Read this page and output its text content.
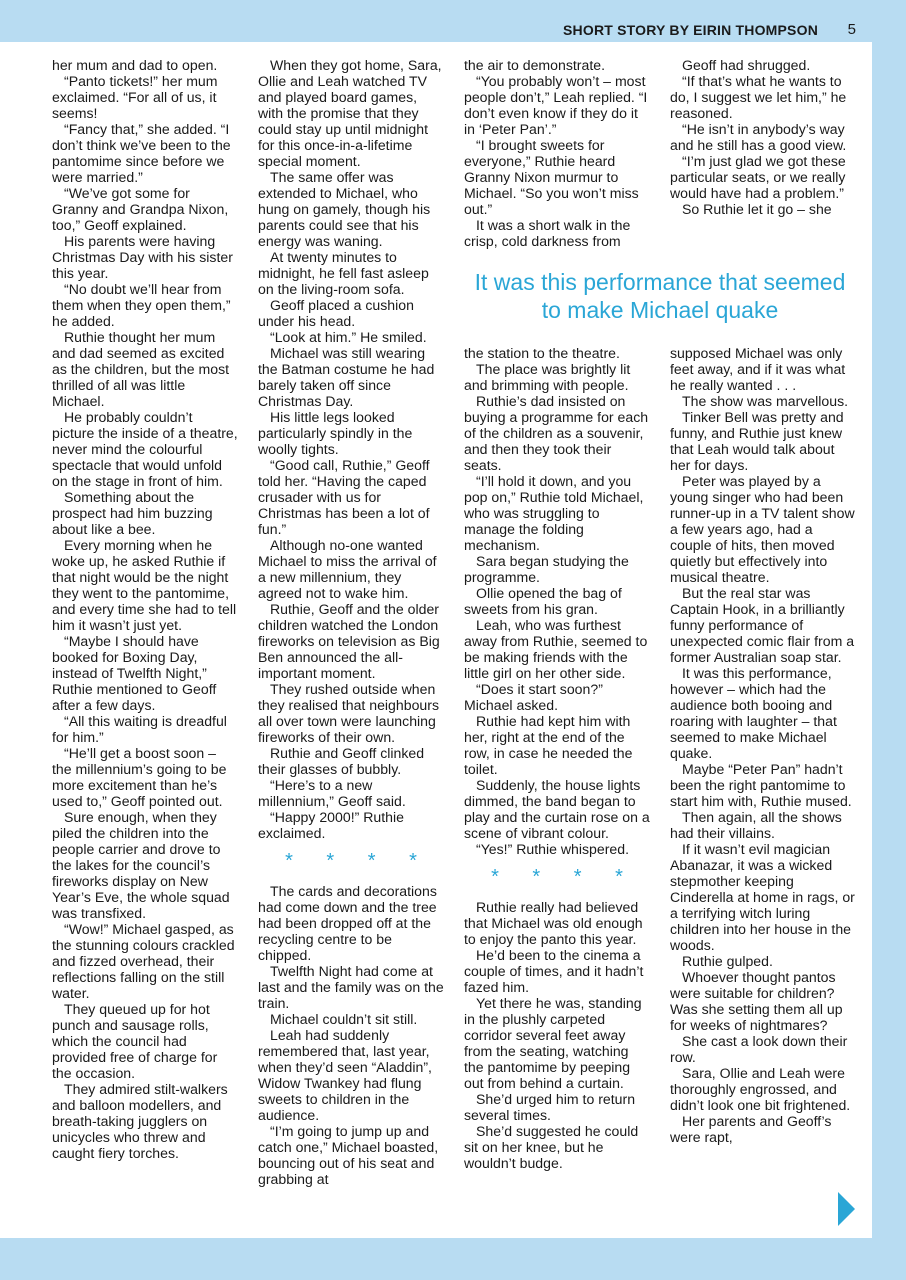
SHORT STORY BY EIRIN THOMPSON 5

her mum and dad to open.

“Panto tickets!” her mum exclaimed. “For all of us, it seems!

“Fancy that,” she added. “I don’t think we’ve been to the pantomime since before we were married.”

“We’ve got some for Granny and Grandpa Nixon, too,” Geoff explained.

His parents were having Christmas Day with his sister this year.

“No doubt we’ll hear from them when they open them,” he added.

Ruthie thought her mum and dad seemed as excited as the children, but the most thrilled of all was little Michael.

He probably couldn’t picture the inside of a theatre, never mind the colourful spectacle that would unfold on the stage in front of him.

Something about the prospect had him buzzing about like a bee.

Every morning when he woke up, he asked Ruthie if that night would be the night they went to the pantomime, and every time she had to tell him it wasn’t just yet.

“Maybe I should have booked for Boxing Day, instead of Twelfth Night,” Ruthie mentioned to Geoff after a few days.

“All this waiting is dreadful for him.”

“He’ll get a boost soon – the millennium’s going to be more excitement than he’s used to,” Geoff pointed out.

Sure enough, when they piled the children into the people carrier and drove to the lakes for the council’s fireworks display on New Year’s Eve, the whole squad was transfixed.

“Wow!” Michael gasped, as the stunning colours crackled and fizzed overhead, their reflections falling on the still water.

They queued up for hot punch and sausage rolls, which the council had provided free of charge for the occasion.

They admired stilt-walkers and balloon modellers, and breath-taking jugglers on unicycles who threw and caught fiery torches.

When they got home, Sara, Ollie and Leah watched TV and played board games, with the promise that they could stay up until midnight for this once-in-a-lifetime special moment.

The same offer was extended to Michael, who hung on gamely, though his parents could see that his energy was waning.

At twenty minutes to midnight, he fell fast asleep on the living-room sofa.

Geoff placed a cushion under his head.

“Look at him.” He smiled.

Michael was still wearing the Batman costume he had barely taken off since Christmas Day.

His little legs looked particularly spindly in the woolly tights.

“Good call, Ruthie,” Geoff told her. “Having the caped crusader with us for Christmas has been a lot of fun.”

Although no-one wanted Michael to miss the arrival of a new millennium, they agreed not to wake him.

Ruthie, Geoff and the older children watched the London fireworks on television as Big Ben announced the all-important moment.

They rushed outside when they realised that neighbours all over town were launching fireworks of their own.

Ruthie and Geoff clinked their glasses of bubbly.

“Here’s to a new millennium,” Geoff said.

“Happy 2000!” Ruthie exclaimed.

* * * *

The cards and decorations had come down and the tree had been dropped off at the recycling centre to be chipped.

Twelfth Night had come at last and the family was on the train.

Michael couldn’t sit still.

Leah had suddenly remembered that, last year, when they’d seen “Aladdin”, Widow Twankey had flung sweets to children in the audience.

“I’m going to jump up and catch one,” Michael boasted, bouncing out of his seat and grabbing at

the air to demonstrate.

“You probably won’t – most people don’t,” Leah replied. “I don’t even know if they do it in ‘Peter Pan’.”

“I brought sweets for everyone,” Ruthie heard Granny Nixon murmur to Michael. “So you won’t miss out.”

It was a short walk in the crisp, cold darkness from

Geoff had shrugged.

“If that’s what he wants to do, I suggest we let him,” he reasoned.

“He isn’t in anybody’s way and he still has a good view.

“I’m just glad we got these particular seats, or we really would have had a problem.”

So Ruthie let it go – she

It was this performance that seemed to make Michael quake

the station to the theatre.

The place was brightly lit and brimming with people.

Ruthie’s dad insisted on buying a programme for each of the children as a souvenir, and then they took their seats.

“I’ll hold it down, and you pop on,” Ruthie told Michael, who was struggling to manage the folding mechanism.

Sara began studying the programme.

Ollie opened the bag of sweets from his gran.

Leah, who was furthest away from Ruthie, seemed to be making friends with the little girl on her other side.

“Does it start soon?” Michael asked.

Ruthie had kept him with her, right at the end of the row, in case he needed the toilet.

Suddenly, the house lights dimmed, the band began to play and the curtain rose on a scene of vibrant colour.

“Yes!” Ruthie whispered.

* * * *

Ruthie really had believed that Michael was old enough to enjoy the panto this year.

He’d been to the cinema a couple of times, and it hadn’t fazed him.

Yet there he was, standing in the plushly carpeted corridor several feet away from the seating, watching the pantomime by peeping out from behind a curtain.

She’d urged him to return several times.

She’d suggested he could sit on her knee, but he wouldn’t budge.

supposed Michael was only feet away, and if it was what he really wanted . . .

The show was marvellous.

Tinker Bell was pretty and funny, and Ruthie just knew that Leah would talk about her for days.

Peter was played by a young singer who had been runner-up in a TV talent show a few years ago, had a couple of hits, then moved quietly but effectively into musical theatre.

But the real star was Captain Hook, in a brilliantly funny performance of unexpected comic flair from a former Australian soap star.

It was this performance, however – which had the audience both booing and roaring with laughter – that seemed to make Michael quake.

Maybe “Peter Pan” hadn’t been the right pantomime to start him with, Ruthie mused.

Then again, all the shows had their villains.

If it wasn’t evil magician Abanazar, it was a wicked stepmother keeping Cinderella at home in rags, or a terrifying witch luring children into her house in the woods.

Ruthie gulped.

Whoever thought pantos were suitable for children? Was she setting them all up for weeks of nightmares?

She cast a look down their row.

Sara, Ollie and Leah were thoroughly engrossed, and didn’t look one bit frightened.

Her parents and Geoff’s were rapt,
